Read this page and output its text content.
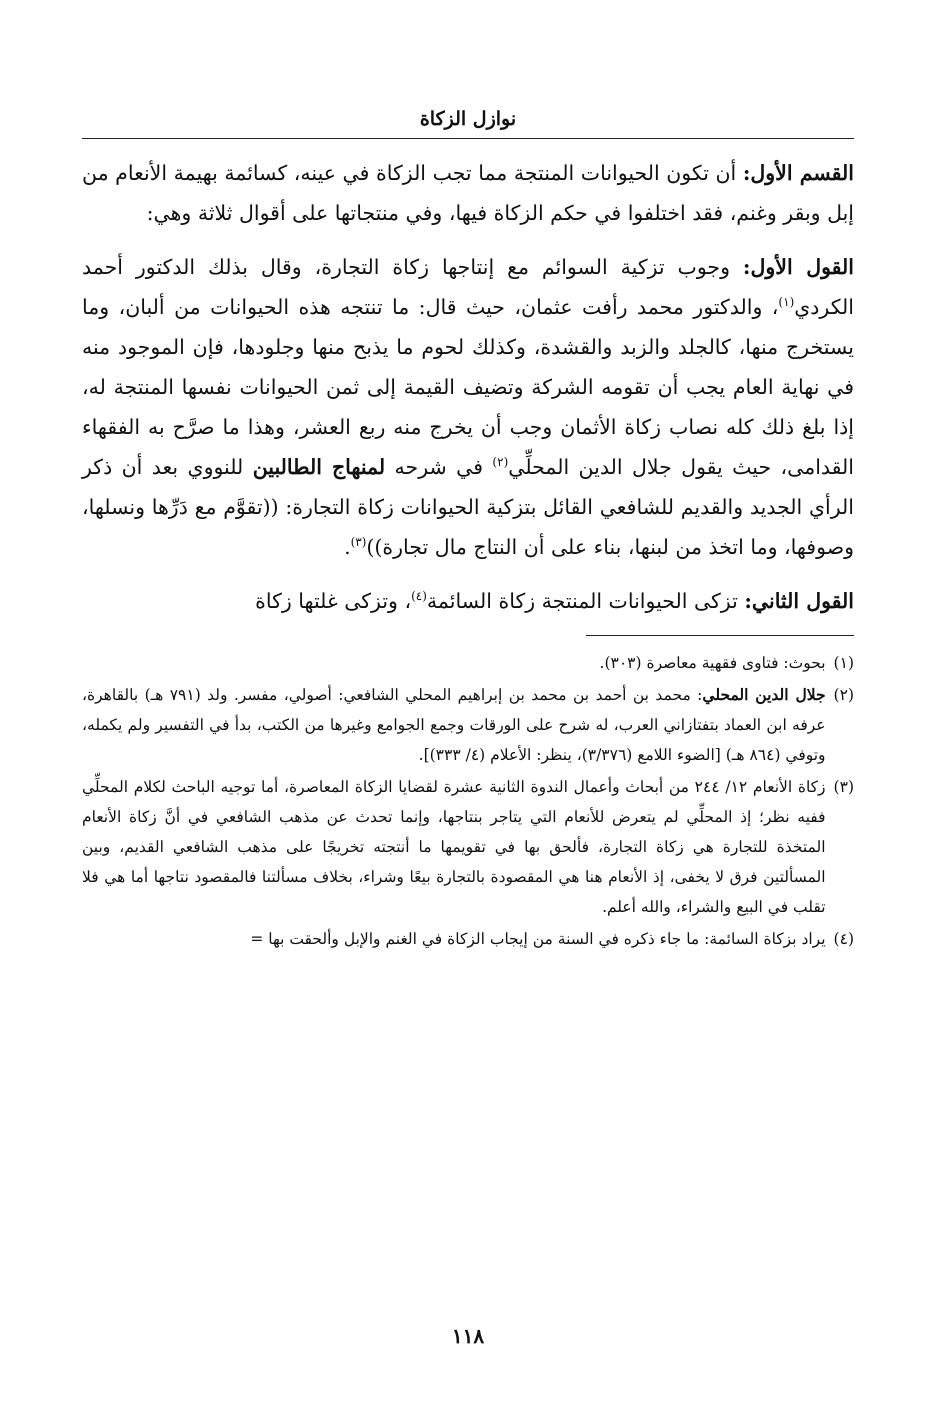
نوازل الزكاة

القسم الأول: أن تكون الحيوانات المنتجة مما تجب الزكاة في عينه، كسائمة بهيمة الأنعام من إبل وبقر وغنم، فقد اختلفوا في حكم الزكاة فيها، وفي منتجاتها على أقوال ثلاثة وهي:

القول الأول: وجوب تزكية السوائم مع إنتاجها زكاة التجارة، وقال بذلك الدكتور أحمد الكردي$^{(١)}$، والدكتور محمد رأفت عثمان، حيث قال: ما تنتجه هذه الحيوانات من ألبان، وما يستخرج منها، كالجلد والزبد والقشدة، وكذلك لحوم ما يذبح منها وجلودها، فإن الموجود منه في نهاية العام يجب أن تقومه الشركة وتضيف القيمة إلى ثمن الحيوانات نفسها المنتجة له، إذا بلغ ذلك كله نصاب زكاة الأثمان وجب أن يخرج منه ربع العشر، وهذا ما صرَّح به الفقهاء القدامى، حيث يقول جلال الدين المحلِّي$^{(٢)}$ في شرحه لمنهاج الطالبين للنووي بعد أن ذكر الرأي الجديد والقديم للشافعي القائل بتزكية الحيوانات زكاة التجارة: ((تقوَّم مع دَرِّها ونسلها، وصوفها، وما اتخذ من لبنها، بناء على أن النتاج مال تجارة))$^{(٣)}$.

القول الثاني: تزكى الحيوانات المنتجة زكاة السائمة$^{(٤)}$، وتزكى غلتها زكاة

(١)
بحوث: فتاوى فقهية معاصرة (٣٠٣).
(٢)
جلال الدين المحلي: محمد بن أحمد بن محمد بن إبراهيم المحلي الشافعي: أصولي، مفسر. ولد (٧٩١ هـ) بالقاهرة، عرفه ابن العماد بتفتازاني العرب، له شرح على الورقات وجمع الجوامع وغيرها من الكتب، بدأ في التفسير ولم يكمله، وتوفي (٨٦٤ هـ) [الضوء اللامع (٣/٣٧٦)، ينظر: الأعلام (٤/ ٣٣٣)].
(٣)
زكاة الأنعام ١٢/ ٢٤٤ من أبحاث وأعمال الندوة الثانية عشرة لقضايا الزكاة المعاصرة، أما توجيه الباحث لكلام المحلِّي ففيه نظر؛ إذ المحلِّي لم يتعرض للأنعام التي يتاجر بنتاجها، وإنما تحدث عن مذهب الشافعي في أنَّ زكاة الأنعام المتخذة للتجارة هي زكاة التجارة، فألحق بها في تقويمها ما أنتجته تخريجًا على مذهب الشافعي القديم، وبين المسألتين فرق لا يخفى، إذ الأنعام هنا هي المقصودة بالتجارة بيعًا وشراء، بخلاف مسألتنا فالمقصود نتاجها أما هي فلا تقلب في البيع والشراء، والله أعلم.
(٤)
يراد بزكاة السائمة: ما جاء ذكره في السنة من إيجاب الزكاة في الغنم والإبل وألحقت بها =
١١٨
